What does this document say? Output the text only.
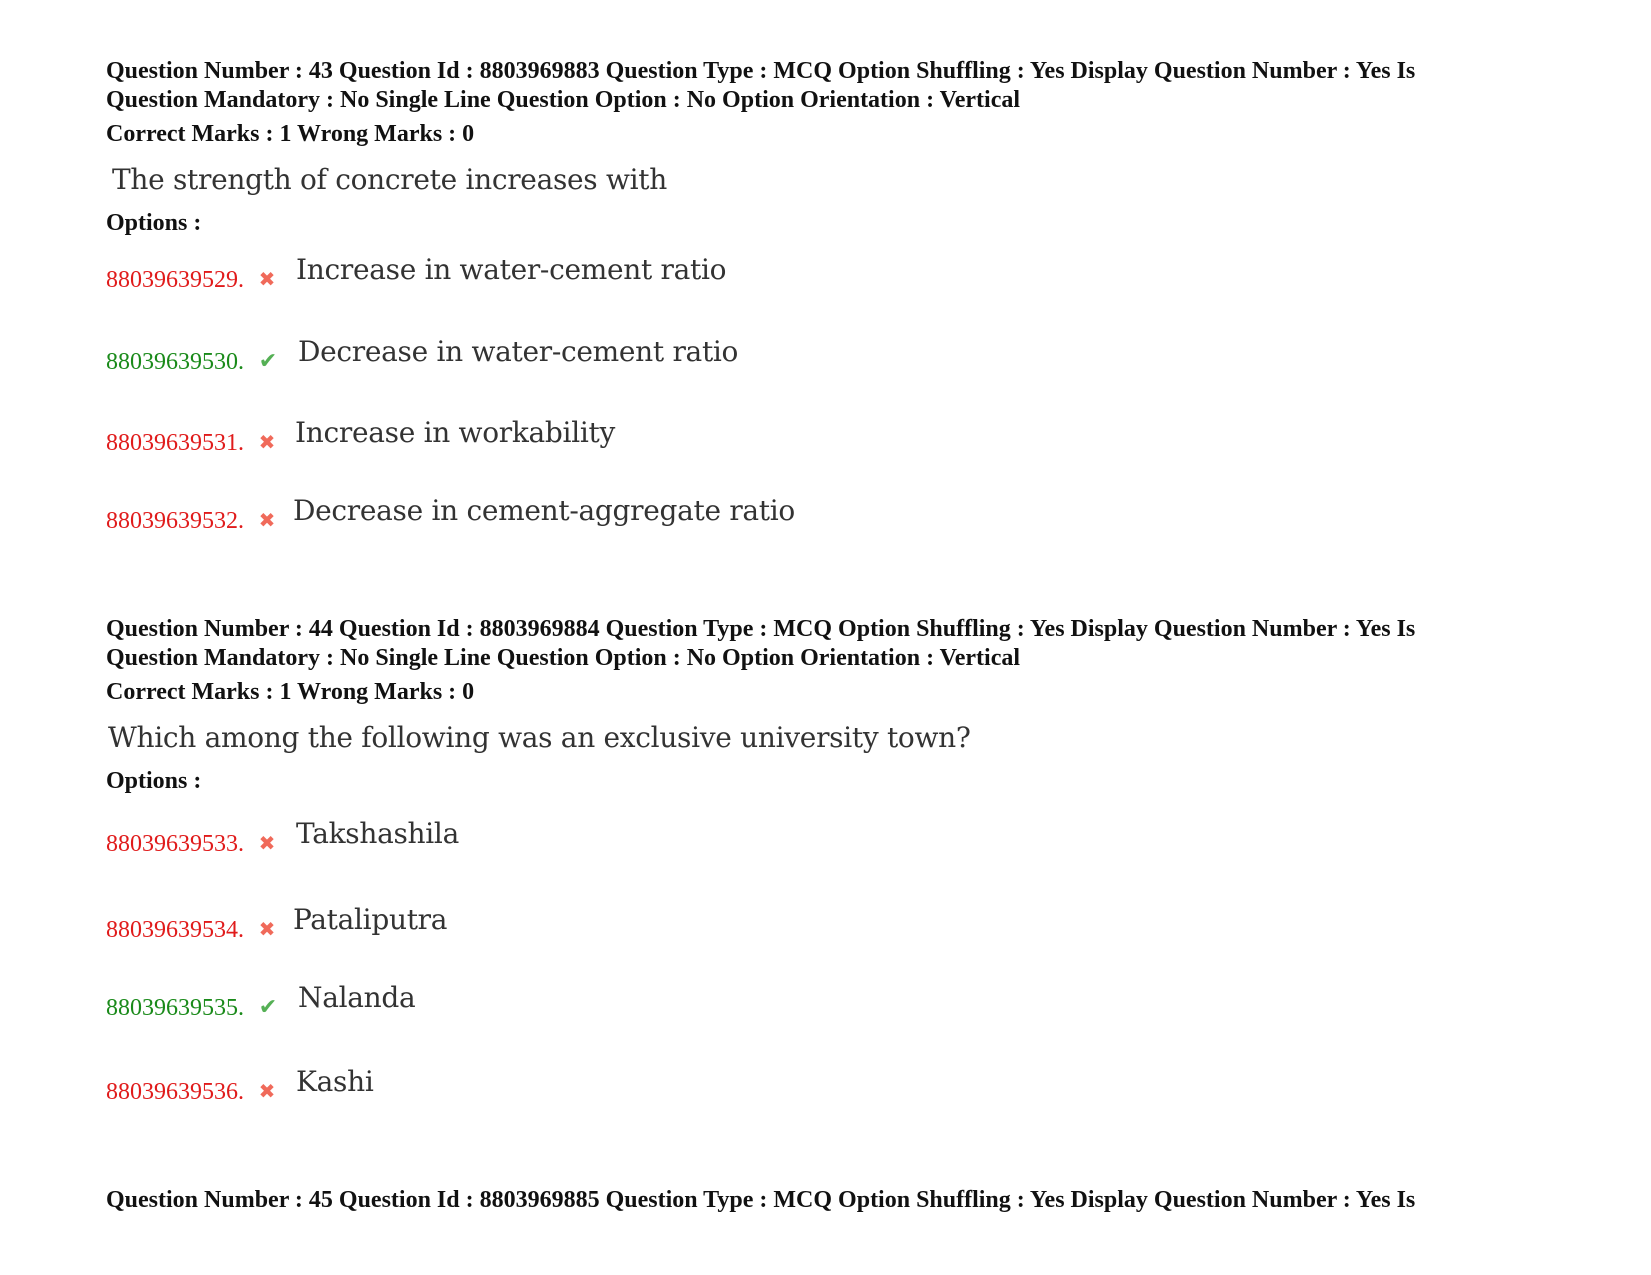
Question Number : 43 Question Id : 8803969883 Question Type : MCQ Option Shuffling : Yes Display Question Number : Yes Is

Question Mandatory : No Single Line Question Option : No Option Orientation : Vertical

Correct Marks : 1 Wrong Marks : 0
The strength of concrete increases with
Options :
88039639529. ✖ Increase in water-cement ratio
88039639530. ✔ Decrease in water-cement ratio
88039639531. ✖ Increase in workability
88039639532. ✖ Decrease in cement-aggregate ratio

Question Number : 44 Question Id : 8803969884 Question Type : MCQ Option Shuffling : Yes Display Question Number : Yes Is

Question Mandatory : No Single Line Question Option : No Option Orientation : Vertical

Correct Marks : 1 Wrong Marks : 0
Which among the following was an exclusive university town?
Options :
88039639533. ✖ Takshashila
88039639534. ✖ Pataliputra
88039639535. ✔ Nalanda
88039639536. ✖ Kashi

Question Number : 45 Question Id : 8803969885 Question Type : MCQ Option Shuffling : Yes Display Question Number : Yes Is
